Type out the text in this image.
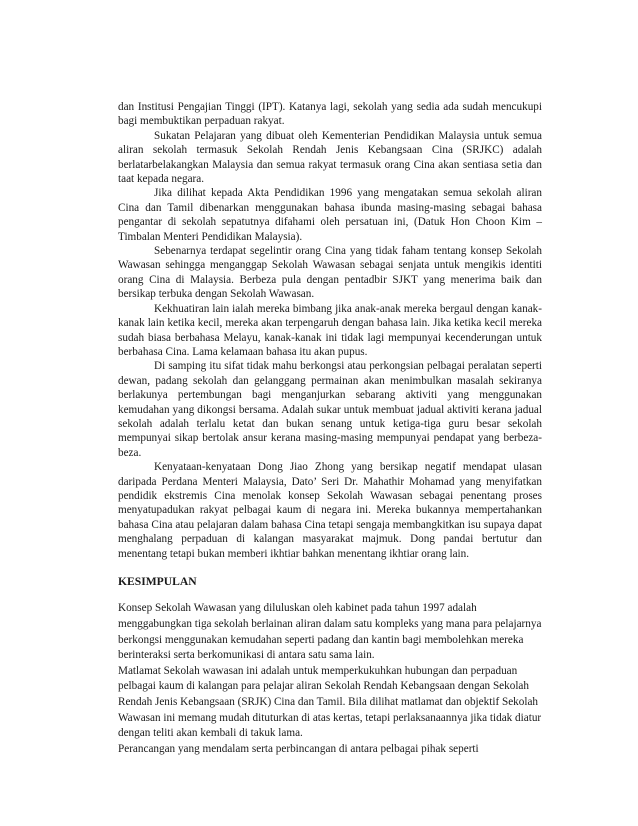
dan Institusi Pengajian Tinggi (IPT). Katanya lagi, sekolah yang sedia ada sudah mencukupi bagi membuktikan perpaduan rakyat.

Sukatan Pelajaran yang dibuat oleh Kementerian Pendidikan Malaysia untuk semua aliran sekolah termasuk Sekolah Rendah Jenis Kebangsaan Cina (SRJKC) adalah berlatarbelakangkan Malaysia dan semua rakyat termasuk orang Cina akan sentiasa setia dan taat kepada negara.

Jika dilihat kepada Akta Pendidikan 1996 yang mengatakan semua sekolah aliran Cina dan Tamil dibenarkan menggunakan bahasa ibunda masing-masing sebagai bahasa pengantar di sekolah sepatutnya difahami oleh persatuan ini, (Datuk Hon Choon Kim – Timbalan Menteri Pendidikan Malaysia).

Sebenarnya terdapat segelintir orang Cina yang tidak faham tentang konsep Sekolah Wawasan sehingga menganggap Sekolah Wawasan sebagai senjata untuk mengikis identiti orang Cina di Malaysia. Berbeza pula dengan pentadbir SJKT yang menerima baik dan bersikap terbuka dengan Sekolah Wawasan.

Kekhuatiran lain ialah mereka bimbang jika anak-anak mereka bergaul dengan kanak-kanak lain ketika kecil, mereka akan terpengaruh dengan bahasa lain. Jika ketika kecil mereka sudah biasa berbahasa Melayu, kanak-kanak ini tidak lagi mempunyai kecenderungan untuk berbahasa Cina. Lama kelamaan bahasa itu akan pupus.

Di samping itu sifat tidak mahu berkongsi atau perkongsian pelbagai peralatan seperti dewan, padang sekolah dan gelanggang permainan akan menimbulkan masalah sekiranya berlakunya pertembungan bagi menganjurkan sebarang aktiviti yang menggunakan kemudahan yang dikongsi bersama. Adalah sukar untuk membuat jadual aktiviti kerana jadual sekolah adalah terlalu ketat dan bukan senang untuk ketiga-tiga guru besar sekolah mempunyai sikap bertolak ansur kerana masing-masing mempunyai pendapat yang berbeza-beza.

Kenyataan-kenyataan Dong Jiao Zhong yang bersikap negatif mendapat ulasan daripada Perdana Menteri Malaysia, Dato’ Seri Dr. Mahathir Mohamad yang menyifatkan pendidik ekstremis Cina menolak konsep Sekolah Wawasan sebagai penentang proses menyatupadukan rakyat pelbagai kaum di negara ini. Mereka bukannya mempertahankan bahasa Cina atau pelajaran dalam bahasa Cina tetapi sengaja membangkitkan isu supaya dapat menghalang perpaduan di kalangan masyarakat majmuk. Dong pandai bertutur dan menentang tetapi bukan memberi ikhtiar bahkan menentang ikhtiar orang lain.

KESIMPULAN

Konsep Sekolah Wawasan yang diluluskan oleh kabinet pada tahun 1997 adalah menggabungkan tiga sekolah berlainan aliran dalam satu kompleks yang mana para pelajarnya berkongsi menggunakan kemudahan seperti padang dan kantin bagi membolehkan mereka berinteraksi serta berkomunikasi di antara satu sama lain.

Matlamat Sekolah wawasan ini adalah untuk memperkukuhkan hubungan dan perpaduan pelbagai kaum di kalangan para pelajar aliran Sekolah Rendah Kebangsaan dengan Sekolah Rendah Jenis Kebangsaan (SRJK) Cina dan Tamil. Bila dilihat matlamat dan objektif Sekolah Wawasan ini memang mudah dituturkan di atas kertas, tetapi perlaksanaannya jika tidak diatur dengan teliti akan kembali di takuk lama.

Perancangan yang mendalam serta perbincangan di antara pelbagai pihak seperti
